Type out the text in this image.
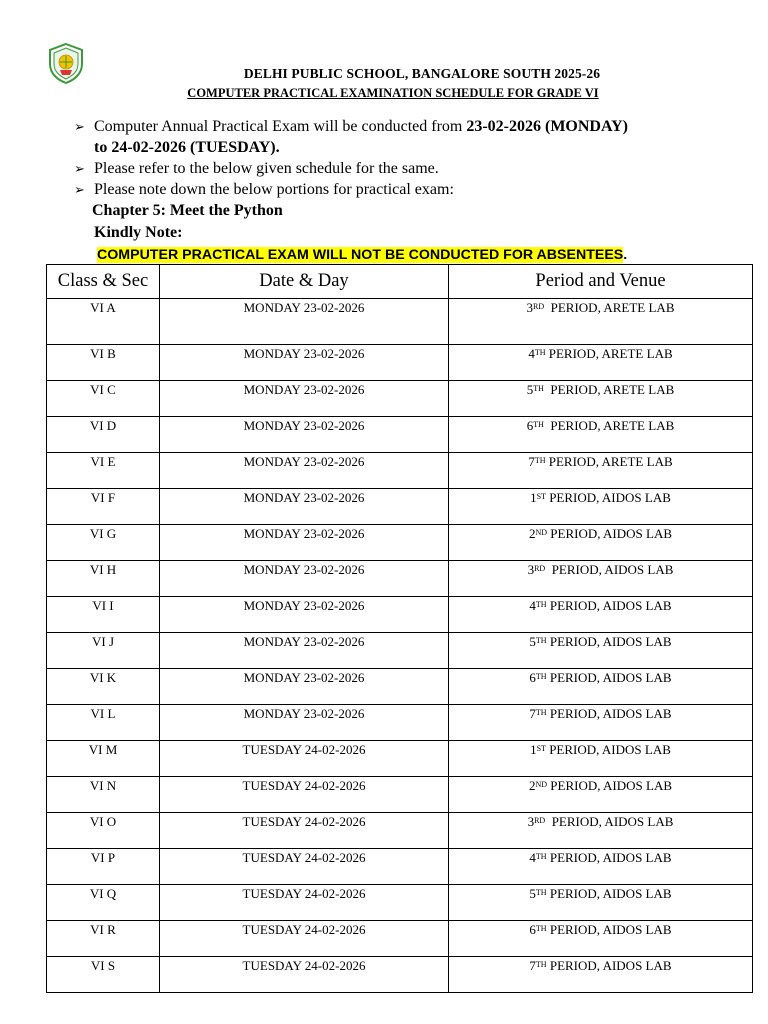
DELHI PUBLIC SCHOOL, BANGALORE SOUTH 2025-26
COMPUTER PRACTICAL EXAMINATION SCHEDULE FOR GRADE VI
➢ Computer Annual Practical Exam will be conducted from 23-02-2026 (MONDAY)
to 24-02-2026 (TUESDAY).
➢ Please refer to the below given schedule for the same.
➢ Please note down the below portions for practical exam:
Chapter 5: Meet the Python
Kindly Note:
COMPUTER PRACTICAL EXAM WILL NOT BE CONDUCTED FOR ABSENTEES.
Class & Sec	Date & Day	Period and Venue
VI A	MONDAY 23-02-2026	3RD  PERIOD, ARETE LAB
VI B	MONDAY 23-02-2026	4TH PERIOD, ARETE LAB
VI C	MONDAY 23-02-2026	5TH  PERIOD, ARETE LAB
VI D	MONDAY 23-02-2026	6TH  PERIOD, ARETE LAB
VI E	MONDAY 23-02-2026	7TH PERIOD, ARETE LAB
VI F	MONDAY 23-02-2026	1ST PERIOD, AIDOS LAB
VI G	MONDAY 23-02-2026	2ND PERIOD, AIDOS LAB
VI H	MONDAY 23-02-2026	3RD  PERIOD, AIDOS LAB
VI I	MONDAY 23-02-2026	4TH PERIOD, AIDOS LAB
VI J	MONDAY 23-02-2026	5TH PERIOD, AIDOS LAB
VI K	MONDAY 23-02-2026	6TH PERIOD, AIDOS LAB
VI L	MONDAY 23-02-2026	7TH PERIOD, AIDOS LAB
VI M	TUESDAY 24-02-2026	1ST PERIOD, AIDOS LAB
VI N	TUESDAY 24-02-2026	2ND PERIOD, AIDOS LAB
VI O	TUESDAY 24-02-2026	3RD  PERIOD, AIDOS LAB
VI P	TUESDAY 24-02-2026	4TH PERIOD, AIDOS LAB
VI Q	TUESDAY 24-02-2026	5TH PERIOD, AIDOS LAB
VI R	TUESDAY 24-02-2026	6TH PERIOD, AIDOS LAB
VI S	TUESDAY 24-02-2026	7TH PERIOD, AIDOS LAB
